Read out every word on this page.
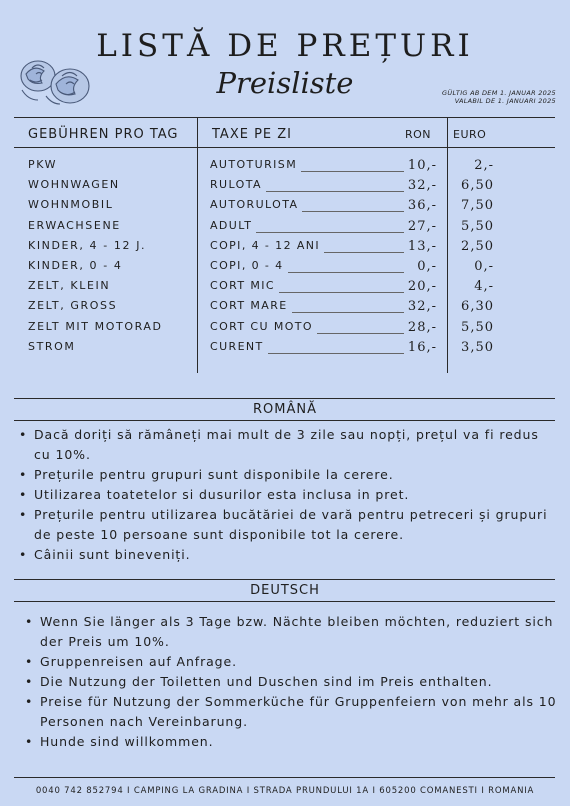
LISTĂ DE PREȚURI
Preisliste	GÜLTIG AB DEM 1. JANUAR 2025
VALABIL DE 1. JANUARI 2025
GEBÜHREN PRO TAG	TAXE PE ZI	RON EURO
PKW	AUTOTURISM	10,-	2,-
WOHNWAGEN	RULOTA	32,-	6,50
WOHNMOBIL	AUTORULOTA	36,-	7,50
ERWACHSENE	ADULT	27,-	5,50
KINDER, 4 - 12 J.	COPI, 4 - 12 ANI	13,-	2,50
KINDER, 0 - 4	COPI, 0 - 4	0,-	0,-
ZELT, KLEIN	CORT MIC	20,-	4,-
ZELT, GROSS	CORT MARE	32,-	6,30
ZELT MIT MOTORAD	CORT CU MOTO	28,-	5,50
STROM	CURENT	16,-	3,50
ROMÂNĂ
• Dacă doriți să rămâneți mai mult de 3 zile sau nopți, prețul va fi redus cu 10%.
• Prețurile pentru grupuri sunt disponibile la cerere.
• Utilizarea toatetelor si dusurilor esta inclusa in pret.
• Prețurile pentru utilizarea bucătăriei de vară pentru petreceri și grupuri de peste 10 persoane sunt disponibile tot la cerere.
• Câinii sunt bineveniți.
DEUTSCH
• Wenn Sie länger als 3 Tage bzw. Nächte bleiben möchten, reduziert sich der Preis um 10%.
• Gruppenreisen auf Anfrage.
• Die Nutzung der Toiletten und Duschen sind im Preis enthalten.
• Preise für Nutzung der Sommerküche für Gruppenfeiern von mehr als 10 Personen nach Vereinbarung.
• Hunde sind willkommen.
0040 742 852794 I CAMPING LA GRADINA I STRADA PRUNDULUI 1A I 605200 COMANESTI I ROMANIA
